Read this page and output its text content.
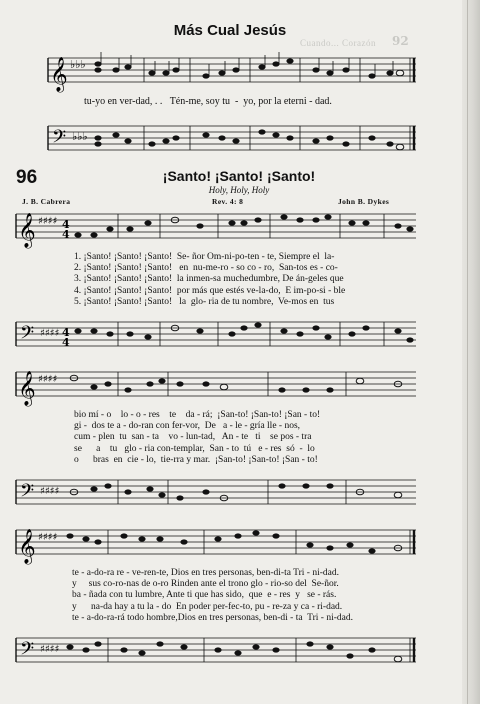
Cuando... Corazón 92
Más Cual Jesús
𝄞 ♭♭♭
tu-yo en ver-dad, . .   Tén-me, soy tu  -  yo, por la eterni - dad.
𝄢 ♭♭♭
96	¡Santo! ¡Santo! ¡Santo!
Holy, Holy, Holy
J. B. Cabrera	Rev. 4: 8	John B. Dykes
𝄞 ♯♯♯♯ 4
4
1. ¡Santo! ¡Santo! ¡Santo!  Se- ñor Om-ni-po-ten - te, Siempre el  la-
2. ¡Santo! ¡Santo! ¡Santo!   en  nu-me-ro - so co - ro,  San-tos es - co-
3. ¡Santo! ¡Santo! ¡Santo!  la inmen-sa muchedumbre, De án-geles que
4. ¡Santo! ¡Santo! ¡Santo!  por más que estés ve-la-do,  E im-po-si - ble
5. ¡Santo! ¡Santo! ¡Santo!   la  glo- ria de tu nombre,  Ve-mos en  tus
𝄢 ♯♯♯♯ 4
4
𝄞 ♯♯♯♯
bio mí - o    lo - o - res    te    da - rá;  ¡San-to! ¡San-to! ¡San - to!
gi -  dos te a - do-ran con fer-vor,  De   a - le - gría lle - nos,
cum - plen  tu  san - ta    vo - lun-tad,   An - te   ti    se pos - tra
se      a    tu   glo - ria con-templar,  San - to  tú   e - res  só  -  lo
o      bras  en  cie - lo,  tie-rra y mar.  ¡San-to! ¡San-to! ¡San - to!
𝄢 ♯♯♯♯
𝄞 ♯♯♯♯
te - a-do-ra re - ve-ren-te, Dios en tres personas, ben-di-ta Tri - ni-dad.
y     sus co-ro-nas de o-ro Rinden ante el trono glo - rio-so del  Se-ñor.
ba - ñada con tu lumbre, Ante ti que has sido,  que  e - res  y   se - rás.
y      na-da hay a tu la - do  En poder per-fec-to, pu - re-za y ca - ri-dad.
te - a-do-ra-rá todo hombre,Dios en tres personas, ben-di - ta  Tri - ni-dad.
𝄢 ♯♯♯♯
